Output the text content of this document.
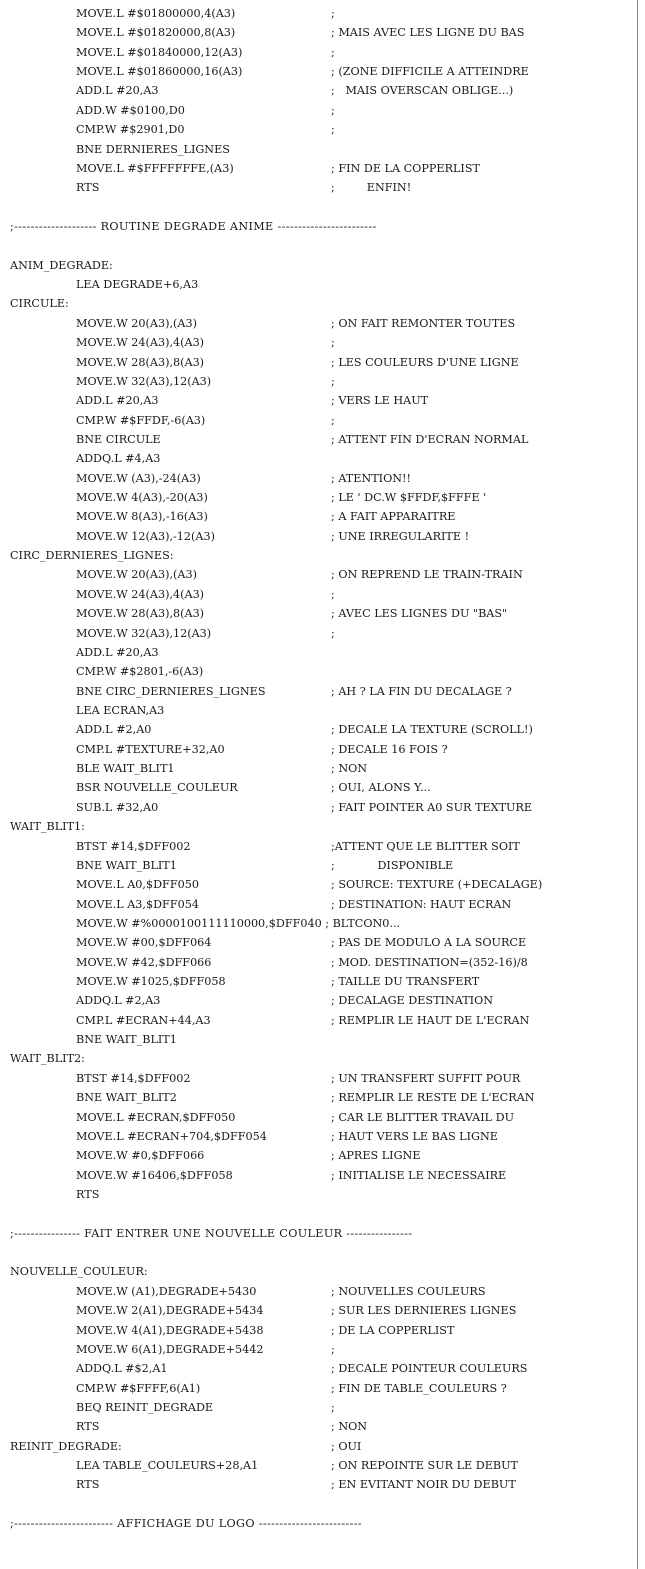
MOVE.L #$01800000,4(A3)	;
MOVE.L #$01820000,8(A3)	; MAIS AVEC LES LIGNE DU BAS
MOVE.L #$01840000,12(A3)	;
MOVE.L #$01860000,16(A3)	; (ZONE DIFFICILE A ATTEINDRE
ADD.L #20,A3	;   MAIS OVERSCAN OBLIGE...)
ADD.W #$0100,D0	;
CMP.W #$2901,D0	;
BNE DERNIERES_LIGNES
MOVE.L #$FFFFFFFE,(A3)	; FIN DE LA COPPERLIST
RTS	;         ENFIN!
;-------------------- ROUTINE DEGRADE ANIME ------------------------
ANIM_DEGRADE:
LEA DEGRADE+6,A3
CIRCULE:
MOVE.W 20(A3),(A3)	; ON FAIT REMONTER TOUTES
MOVE.W 24(A3),4(A3)	;
MOVE.W 28(A3),8(A3)	; LES COULEURS D'UNE LIGNE
MOVE.W 32(A3),12(A3)	;
ADD.L #20,A3	; VERS LE HAUT
CMP.W #$FFDF,-6(A3)	;
BNE CIRCULE	; ATTENT FIN D'ECRAN NORMAL
ADDQ.L #4,A3
MOVE.W (A3),-24(A3)	; ATENTION!!
MOVE.W 4(A3),-20(A3)	; LE ' DC.W $FFDF,$FFFE '
MOVE.W 8(A3),-16(A3)	; A FAIT APPARAITRE
MOVE.W 12(A3),-12(A3)	; UNE IRREGULARITE !
CIRC_DERNIERES_LIGNES:
MOVE.W 20(A3),(A3)	; ON REPREND LE TRAIN-TRAIN
MOVE.W 24(A3),4(A3)	;
MOVE.W 28(A3),8(A3)	; AVEC LES LIGNES DU "BAS"
MOVE.W 32(A3),12(A3)	;
ADD.L #20,A3
CMP.W #$2801,-6(A3)
BNE CIRC_DERNIERES_LIGNES	; AH ? LA FIN DU DECALAGE ?
LEA ECRAN,A3
ADD.L #2,A0	; DECALE LA TEXTURE (SCROLL!)
CMP.L #TEXTURE+32,A0	; DECALE 16 FOIS ?
BLE WAIT_BLIT1	; NON
BSR NOUVELLE_COULEUR	; OUI, ALONS Y...
SUB.L #32,A0	; FAIT POINTER A0 SUR TEXTURE
WAIT_BLIT1:
BTST #14,$DFF002	;ATTENT QUE LE BLITTER SOIT
BNE WAIT_BLIT1	;            DISPONIBLE
MOVE.L A0,$DFF050	; SOURCE: TEXTURE (+DECALAGE)
MOVE.L A3,$DFF054	; DESTINATION: HAUT ECRAN
MOVE.W #%0000100111110000,$DFF040 ; BLTCON0...
MOVE.W #00,$DFF064	; PAS DE MODULO A LA SOURCE
MOVE.W #42,$DFF066	; MOD. DESTINATION=(352-16)/8
MOVE.W #1025,$DFF058	; TAILLE DU TRANSFERT
ADDQ.L #2,A3	; DECALAGE DESTINATION
CMP.L #ECRAN+44,A3	; REMPLIR LE HAUT DE L'ECRAN
BNE WAIT_BLIT1
WAIT_BLIT2:
BTST #14,$DFF002	; UN TRANSFERT SUFFIT POUR
BNE WAIT_BLIT2	; REMPLIR LE RESTE DE L'ECRAN
MOVE.L #ECRAN,$DFF050	; CAR LE BLITTER TRAVAIL DU
MOVE.L #ECRAN+704,$DFF054	; HAUT VERS LE BAS LIGNE
MOVE.W #0,$DFF066	; APRES LIGNE
MOVE.W #16406,$DFF058	; INITIALISE LE NECESSAIRE
RTS
;---------------- FAIT ENTRER UNE NOUVELLE COULEUR ----------------
NOUVELLE_COULEUR:
MOVE.W (A1),DEGRADE+5430	; NOUVELLES COULEURS
MOVE.W 2(A1),DEGRADE+5434	; SUR LES DERNIERES LIGNES
MOVE.W 4(A1),DEGRADE+5438	; DE LA COPPERLIST
MOVE.W 6(A1),DEGRADE+5442	;
ADDQ.L #$2,A1	; DECALE POINTEUR COULEURS
CMP.W #$FFFF,6(A1)	; FIN DE TABLE_COULEURS ?
BEQ REINIT_DEGRADE	;
RTS	; NON
REINIT_DEGRADE:	; OUI
LEA TABLE_COULEURS+28,A1	; ON REPOINTE SUR LE DEBUT
RTS	; EN EVITANT NOIR DU DEBUT
;------------------------ AFFICHAGE DU LOGO -------------------------
